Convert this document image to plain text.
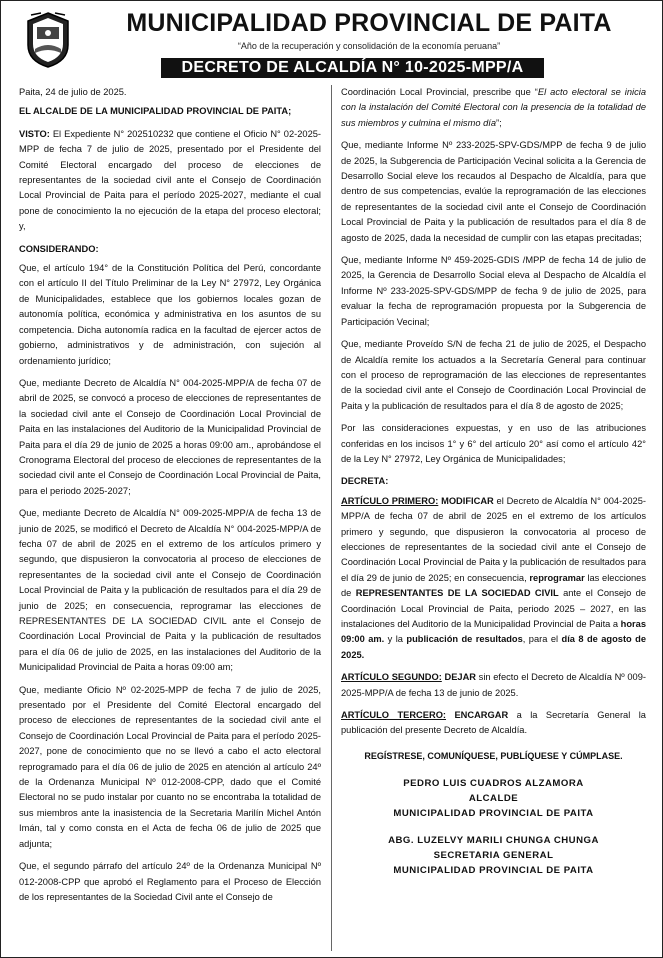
MUNICIPALIDAD PROVINCIAL DE PAITA
“Año de la recuperación y consolidación de la economía peruana”
DECRETO DE ALCALDÍA N° 10-2025-MPP/A

Paita, 24 de julio de 2025.

EL ALCALDE DE LA MUNICIPALIDAD PROVINCIAL DE PAITA;

VISTO: El Expediente N° 202510232 que contiene el Oficio N° 02-2025-MPP de fecha 7 de julio de 2025, presentado por el Presidente del Comité Electoral encargado del proceso de elecciones de representantes de la sociedad civil ante el Consejo de Coordinación Local Provincial de Paita para el período 2025-2027, mediante el cual pone de conocimiento la no ejecución de la etapa del proceso electoral; y,

CONSIDERANDO:

Que, el artículo 194° de la Constitución Política del Perú, concordante con el artículo II del Título Preliminar de la Ley N° 27972, Ley Orgánica de Municipalidades, establece que los gobiernos locales gozan de autonomía política, económica y administrativa en los asuntos de su competencia. Dicha autonomía radica en la facultad de ejercer actos de gobierno, administrativos y de administración, con sujeción al ordenamiento jurídico;

Que, mediante Decreto de Alcaldía N° 004-2025-MPP/A de fecha 07 de abril de 2025, se convocó a proceso de elecciones de representantes de la sociedad civil ante el Consejo de Coordinación Local Provincial de Paita en las instalaciones del Auditorio de la Municipalidad Provincial de Paita para el día 29 de junio de 2025 a horas 09:00 am., aprobándose el Cronograma Electoral del proceso de elecciones de representantes de la sociedad civil ante el Consejo de Coordinación Local Provincial de Paita, para el periodo 2025-2027;

Que, mediante Decreto de Alcaldía N° 009-2025-MPP/A de fecha 13 de junio de 2025, se modificó el Decreto de Alcaldía N° 004-2025-MPP/A de fecha 07 de abril de 2025 en el extremo de los artículos primero y segundo, que dispusieron la convocatoria al proceso de elecciones de representantes de la sociedad civil ante el Consejo de Coordinación Local Provincial de Paita y la publicación de resultados para el día 29 de junio de 2025; en consecuencia, reprogramar las elecciones de REPRESENTANTES DE LA SOCIEDAD CIVIL ante el Consejo de Coordinación Local Provincial de Paita y la publicación de resultados para el día 06 de julio de 2025, en las instalaciones del Auditorio de la Municipalidad Provincial de Paita a horas 09:00 am;

Que, mediante Oficio Nº 02-2025-MPP de fecha 7 de julio de 2025, presentado por el Presidente del Comité Electoral encargado del proceso de elecciones de representantes de la sociedad civil ante el Consejo de Coordinación Local Provincial de Paita para el período 2025-2027, pone de conocimiento que no se llevó a cabo el acto electoral reprogramado para el día 06 de julio de 2025 en atención al artículo 24º de la Ordenanza Municipal Nº 012-2008-CPP, dado que el Comité Electoral no se pudo instalar por cuanto no se encontraba la totalidad de sus miembros ante la inasistencia de la Secretaria Marilín Michel Antón Imán, tal y como consta en el Acta de fecha 06 de julio de 2025 que adjunta;

Que, el segundo párrafo del artículo 24º de la Ordenanza Municipal Nº 012-2008-CPP que aprobó el Reglamento para el Proceso de Elección de los representantes de la Sociedad Civil ante el Consejo de

Coordinación Local Provincial, prescribe que “El acto electoral se inicia con la instalación del Comité Electoral con la presencia de la totalidad de sus miembros y culmina el mismo día”;

Que, mediante Informe Nº 233-2025-SPV-GDS/MPP de fecha 9 de julio de 2025, la Subgerencia de Participación Vecinal solicita a la Gerencia de Desarrollo Social eleve los recaudos al Despacho de Alcaldía, para que dentro de sus competencias, evalúe la reprogramación de las elecciones de representantes de la sociedad civil ante el Consejo de Coordinación Local Provincial de Paita y la publicación de resultados para el día 8 de agosto de 2025, dada la necesidad de cumplir con las etapas precitadas;

Que, mediante Informe Nº 459-2025-GDIS /MPP de fecha 14 de julio de 2025, la Gerencia de Desarrollo Social eleva al Despacho de Alcaldía el Informe Nº 233-2025-SPV-GDS/MPP de fecha 9 de julio de 2025, para evaluar la fecha de reprogramación propuesta por la Subgerencia de Participación Vecinal;

Que, mediante Proveído S/N de fecha 21 de julio de 2025, el Despacho de Alcaldía remite los actuados a la Secretaría General para continuar con el proceso de reprogramación de las elecciones de representantes de la sociedad civil ante el Consejo de Coordinación Local Provincial de Paita y la publicación de resultados para el día 8 de agosto de 2025;

Por las consideraciones expuestas, y en uso de las atribuciones conferidas en los incisos 1° y 6° del artículo 20° así como el artículo 42° de la Ley N° 27972, Ley Orgánica de Municipalidades;

DECRETA:

ARTÍCULO PRIMERO: MODIFICAR el Decreto de Alcaldía N° 004-2025-MPP/A de fecha 07 de abril de 2025 en el extremo de los artículos primero y segundo, que dispusieron la convocatoria al proceso de elecciones de representantes de la sociedad civil ante el Consejo de Coordinación Local Provincial de Paita y la publicación de resultados para el día 29 de junio de 2025; en consecuencia, reprogramar las elecciones de REPRESENTANTES DE LA SOCIEDAD CIVIL ante el Consejo de Coordinación Local Provincial de Paita, periodo 2025 – 2027, en las instalaciones del Auditorio de la Municipalidad Provincial de Paita a horas 09:00 am. y la publicación de resultados, para el día 8 de agosto de 2025.

ARTÍCULO SEGUNDO: DEJAR sin efecto el Decreto de Alcaldía Nº 009-2025-MPP/A de fecha 13 de junio de 2025.

ARTÍCULO TERCERO: ENCARGAR a la Secretaría General la publicación del presente Decreto de Alcaldía.

REGÍSTRESE, COMUNÍQUESE, PUBLÍQUESE Y CÚMPLASE.

PEDRO LUIS CUADROS ALZAMORA
ALCALDE
MUNICIPALIDAD PROVINCIAL DE PAITA
ABG. LUZELVY MARILI CHUNGA CHUNGA
SECRETARIA GENERAL
MUNICIPALIDAD PROVINCIAL DE PAITA
